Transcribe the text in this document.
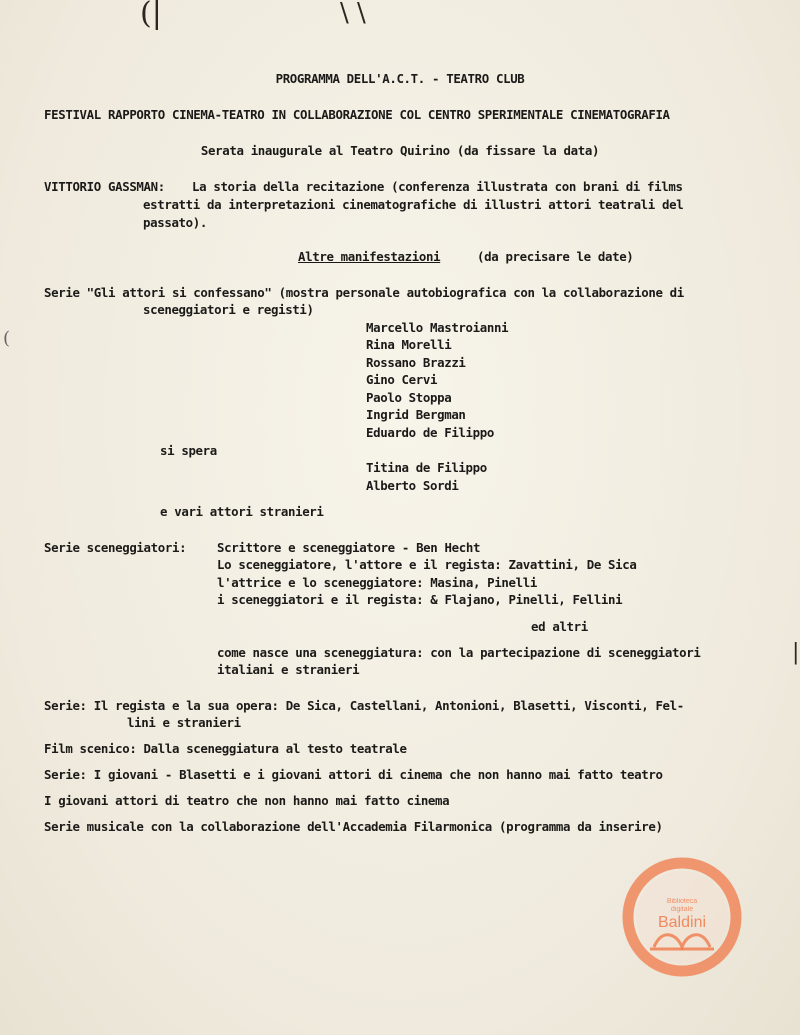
(|	\ \
(
|
PROGRAMMA DELL'A.C.T. - TEATRO CLUB
FESTIVAL RAPPORTO CINEMA-TEATRO IN COLLABORAZIONE COL CENTRO SPERIMENTALE CINEMATOGRAFIA
Serata inaugurale al Teatro Quirino (da fissare la data)
VITTORIO GASSMAN: La storia della recitazione (conferenza illustrata con brani di films
estratti da interpretazioni cinematografiche di illustri attori teatrali del
passato).
Altre manifestazioni	(da precisare le date)
Serie "Gli attori si confessano" (mostra personale autobiografica con la collaborazione di
sceneggiatori e registi)
Marcello Mastroianni
Rina Morelli
Rossano Brazzi
Gino Cervi
Paolo Stoppa
Ingrid Bergman
Eduardo de Filippo
si spera
Titina de Filippo
Alberto Sordi
e vari attori stranieri
Serie sceneggiatori: Scrittore e sceneggiatore - Ben Hecht
Lo sceneggiatore, l'attore e il regista: Zavattini, De Sica
l'attrice e lo sceneggiatore: Masina, Pinelli
i sceneggiatori e il regista: & Flajano, Pinelli, Fellini
ed altri
come nasce una sceneggiatura: con la partecipazione di sceneggiatori
italiani e stranieri
Serie: Il regista e la sua opera: De Sica, Castellani, Antonioni, Blasetti, Visconti, Fel-
lini e stranieri
Film scenico: Dalla sceneggiatura al testo teatrale
Serie: I giovani - Blasetti e i giovani attori di cinema che non hanno mai fatto teatro
I giovani attori di teatro che non hanno mai fatto cinema
Serie musicale con la collaborazione dell'Accademia Filarmonica (programma da inserire)
Biblioteca
digitale
Baldini
